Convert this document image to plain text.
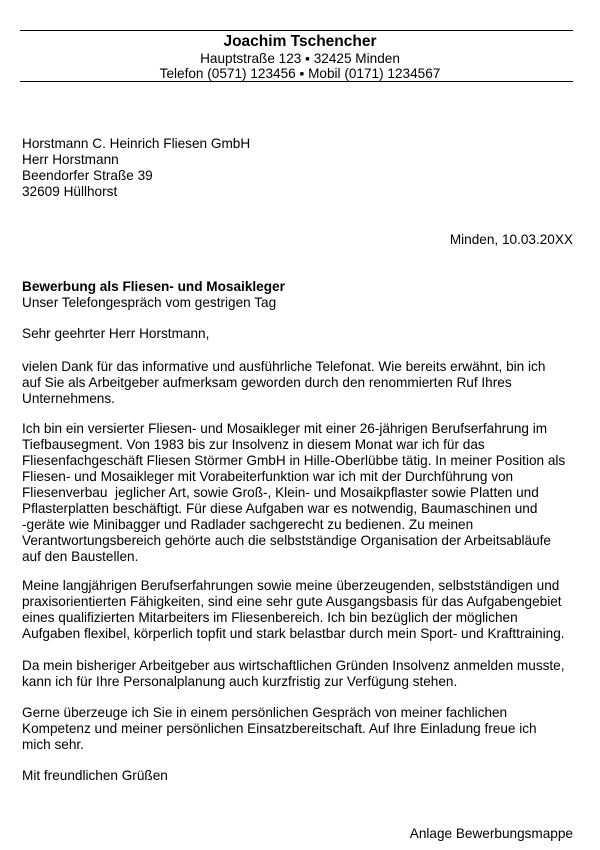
Joachim Tschencher
Hauptstraße 123 ▪ 32425 Minden
Telefon (0571) 123456 ▪ Mobil (0171) 1234567
Horstmann C. Heinrich Fliesen GmbH
Herr Horstmann
Beendorfer Straße 39
32609 Hüllhorst
Minden, 10.03.20XX
Bewerbung als Fliesen- und Mosaikleger
Unser Telefongespräch vom gestrigen Tag
Sehr geehrter Herr Horstmann,
vielen Dank für das informative und ausführliche Telefonat. Wie bereits erwähnt, bin ich
auf Sie als Arbeitgeber aufmerksam geworden durch den renommierten Ruf Ihres
Unternehmens.
Ich bin ein versierter Fliesen- und Mosaikleger mit einer 26-jährigen Berufserfahrung im
Tiefbausegment. Von 1983 bis zur Insolvenz in diesem Monat war ich für das
Fliesenfachgeschäft Fliesen Störmer GmbH in Hille-Oberlübbe tätig. In meiner Position als
Fliesen- und Mosaikleger mit Vorabeiterfunktion war ich mit der Durchführung von
Fliesenverbau  jeglicher Art, sowie Groß-, Klein- und Mosaikpflaster sowie Platten und
Pflasterplatten beschäftigt. Für diese Aufgaben war es notwendig, Baumaschinen und
-geräte wie Minibagger und Radlader sachgerecht zu bedienen. Zu meinen
Verantwortungsbereich gehörte auch die selbstständige Organisation der Arbeitsabläufe
auf den Baustellen.
Meine langjährigen Berufserfahrungen sowie meine überzeugenden, selbstständigen und
praxisorientierten Fähigkeiten, sind eine sehr gute Ausgangsbasis für das Aufgabengebiet
eines qualifizierten Mitarbeiters im Fliesenbereich. Ich bin bezüglich der möglichen
Aufgaben flexibel, körperlich topfit und stark belastbar durch mein Sport- und Krafttraining.
Da mein bisheriger Arbeitgeber aus wirtschaftlichen Gründen Insolvenz anmelden musste,
kann ich für Ihre Personalplanung auch kurzfristig zur Verfügung stehen.
Gerne überzeuge ich Sie in einem persönlichen Gespräch von meiner fachlichen
Kompetenz und meiner persönlichen Einsatzbereitschaft. Auf Ihre Einladung freue ich
mich sehr.
Mit freundlichen Grüßen
Anlage Bewerbungsmappe
